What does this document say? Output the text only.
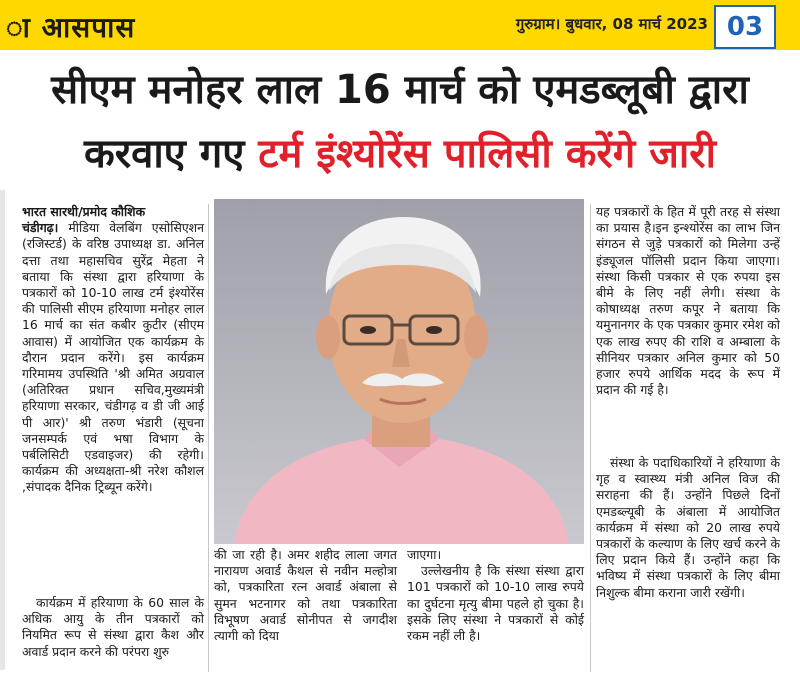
ा आसपास	गुरुग्राम। बुधवार, 08 मार्च 2023 03
सीएम मनोहर लाल 16 मार्च को एमडब्लूबी द्वारा
करवाए गए टर्म इंश्योरेंस पालिसी करेंगे जारी

भारत सारथी/प्रमोद कौशिक

चंडीगढ़। मीडिया वेलबिंग एसोसिएशन (रजिस्टर्ड) के वरिष्ठ उपाध्यक्ष डा. अनिल दत्ता तथा महासचिव सुरेंद्र मेहता ने बताया कि संस्था द्वारा हरियाणा के पत्रकारों को 10-10 लाख टर्म इंश्योरेंस की पालिसी सीएम हरियाणा मनोहर लाल 16 मार्च का संत कबीर कुटीर (सीएम आवास) में आयोजित एक कार्यक्रम के दौरान प्रदान करेंगे। इस कार्यक्रम गरिमामय उपस्थिति 'श्री अमित अग्रवाल (अतिरिक्त प्रधान सचिव,मुख्यमंत्री हरियाणा सरकार, चंडीगढ़ व डी जी आई पी आर)' श्री तरुण भंडारी (सूचना जनसम्पर्क एवं भषा विभाग के पर्बलिसिटी एडवाइजर) की रहेगी। कार्यक्रम की अध्यक्षता-श्री नरेश कौशल ,संपादक दैनिक ट्रिब्यून करेंगे।

कार्यक्रम में हरियाणा के 60 साल के अधिक आयु के तीन पत्रकारों को नियमित रूप से संस्था द्वारा कैश और अवार्ड प्रदान करने की परंपरा शुरु

की जा रही है। अमर शहीद लाला जगत नारायण अवार्ड कैथल से नवीन मल्होत्रा को, पत्रकारिता रत्न अवार्ड अंबाला से सुमन भटनागर को तथा पत्रकारिता विभूषण अवार्ड सोनीपत से जगदीश त्यागी को दिया

जाएगा।

उल्लेखनीय है कि संस्था संस्था द्वारा 101 पत्रकारों को 10-10 लाख रुपये का दुर्घटना मृत्यु बीमा पहले हो चुका है। इसके लिए संस्था ने पत्रकारों से कोई रकम नहीं ली है।

यह पत्रकारों के हित में पूरी तरह से संस्था का प्रयास है।इन इन्श्योरेंस का लाभ जिन संगठन से जुड़े पत्रकारों को मिलेगा उन्हें इंड्यूजल पॉलिसी प्रदान किया जाएगा। संस्था किसी पत्रकार से एक रुपया इस बीमे के लिए नहीं लेगी। संस्था के कोषाध्यक्ष तरुण कपूर ने बताया कि यमुनानगर के एक पत्रकार कुमार रमेश को एक लाख रुपए की राशि व अम्बाला के सीनियर पत्रकार अनिल कुमार को 50 हजार रुपये आर्थिक मदद के रूप में प्रदान की गई है।

संस्था के पदाधिकारियों ने हरियाणा के गृह व स्वास्थ्य मंत्री अनिल विज की सराहना की हैं। उन्होंने पिछले दिनों एमडब्ल्यूबी के अंबाला में आयोजित कार्यक्रम में संस्था को 20 लाख रुपये पत्रकारों के कल्याण के लिए खर्च करने के लिए प्रदान किये हैं। उन्होंने कहा कि भविष्य में संस्था पत्रकारों के लिए बीमा निशुल्क बीमा कराना जारी रखेंगी।
